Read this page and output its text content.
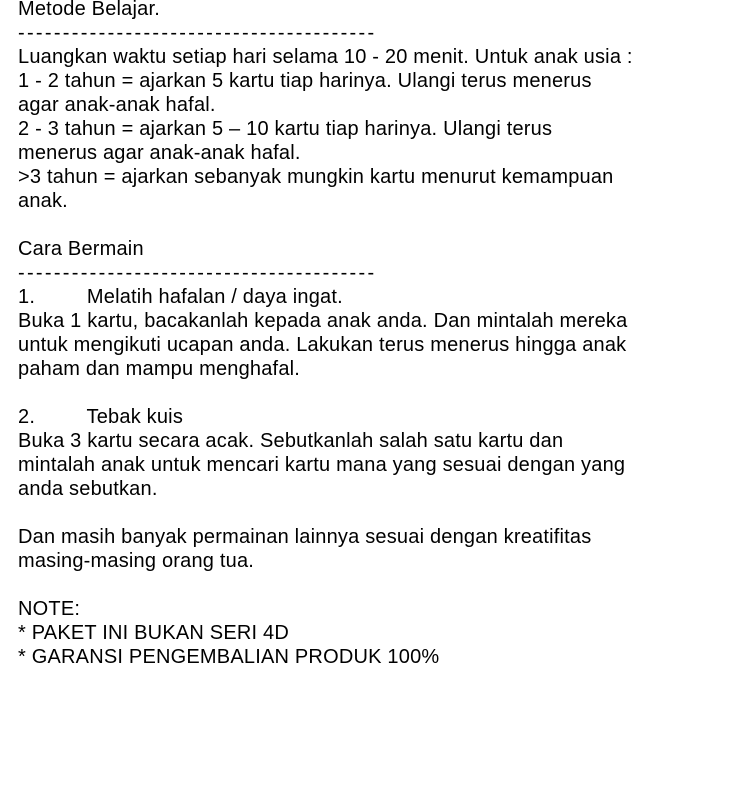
Metode Belajar.
----------------------------------------
Luangkan waktu setiap hari selama 10 - 20 menit. Untuk anak usia :
1 - 2 tahun = ajarkan 5 kartu tiap harinya. Ulangi terus menerus
agar anak-anak hafal.
2 - 3 tahun = ajarkan 5 – 10 kartu tiap harinya. Ulangi terus
menerus agar anak-anak hafal.
>3 tahun = ajarkan sebanyak mungkin kartu menurut kemampuan
anak.
Cara Bermain
----------------------------------------
1.         Melatih hafalan / daya ingat.
Buka 1 kartu, bacakanlah kepada anak anda. Dan mintalah mereka
untuk mengikuti ucapan anda. Lakukan terus menerus hingga anak
paham dan mampu menghafal.
2.         Tebak kuis
Buka 3 kartu secara acak. Sebutkanlah salah satu kartu dan
mintalah anak untuk mencari kartu mana yang sesuai dengan yang
anda sebutkan.
Dan masih banyak permainan lainnya sesuai dengan kreatifitas
masing-masing orang tua.
NOTE:
* PAKET INI BUKAN SERI 4D
* GARANSI PENGEMBALIAN PRODUK 100%
